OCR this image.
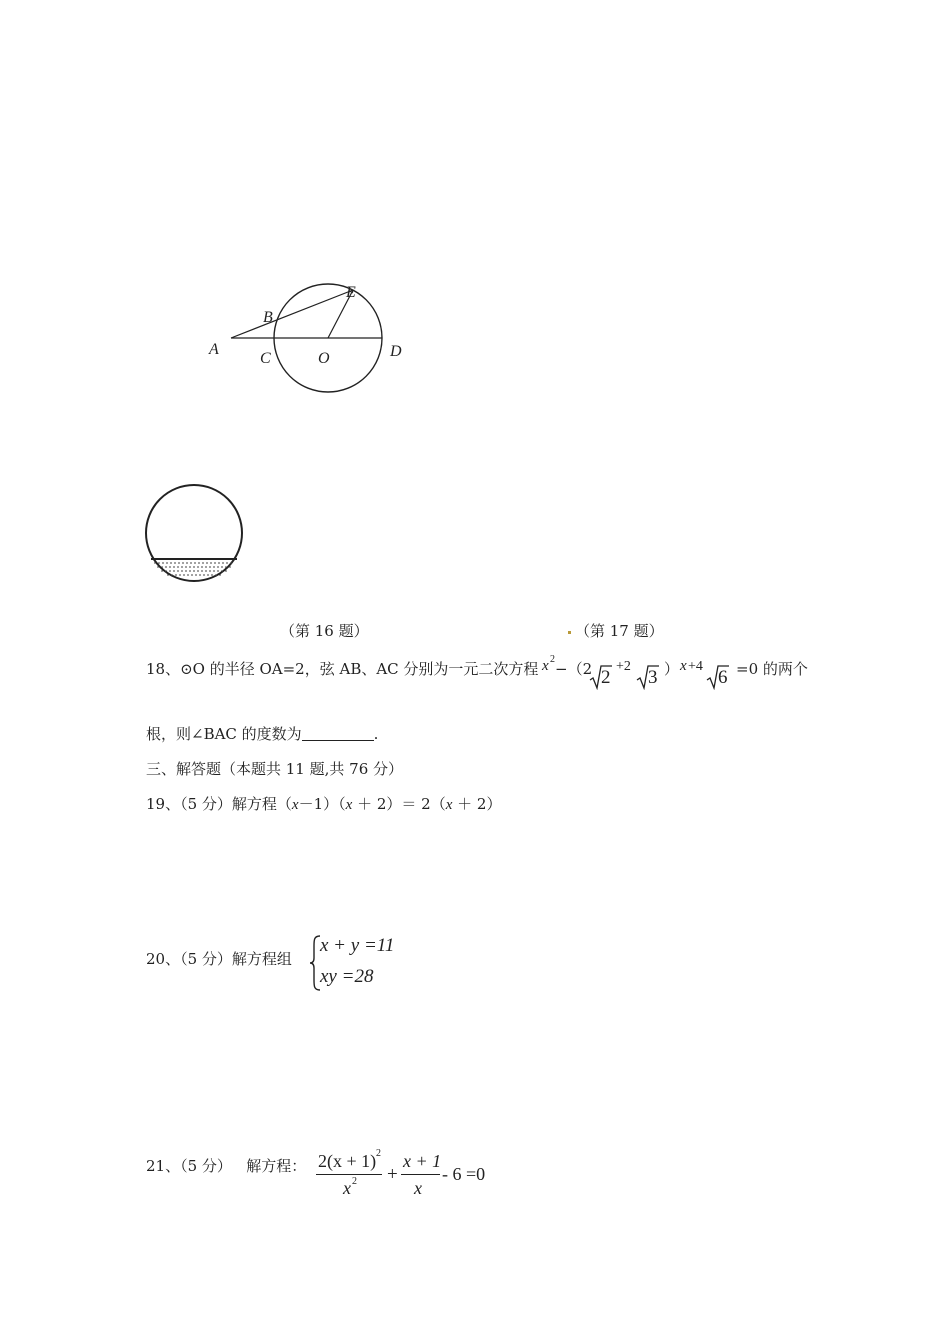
A
B
C	O	D
E
（第 16 题）	（第 17 题）
18、⊙O 的半径 OA=2，弦 AB、AC 分别为一元二次方程 x 2
−（2 2
+2
3 ） x +4
6 =0 的两个
根，则∠BAC 的度数为	.
三、解答题（本题共 11 题,共 76 分）
19、（5 分）解方程（x－1）（x ＋ 2）＝ 2（x ＋ 2）
20、（5 分）解方程组
x + y =11
xy =28
21、（5 分）   解方程： 2(x + 1) 2
x 2 +
x + 1
x
- 6 =0
